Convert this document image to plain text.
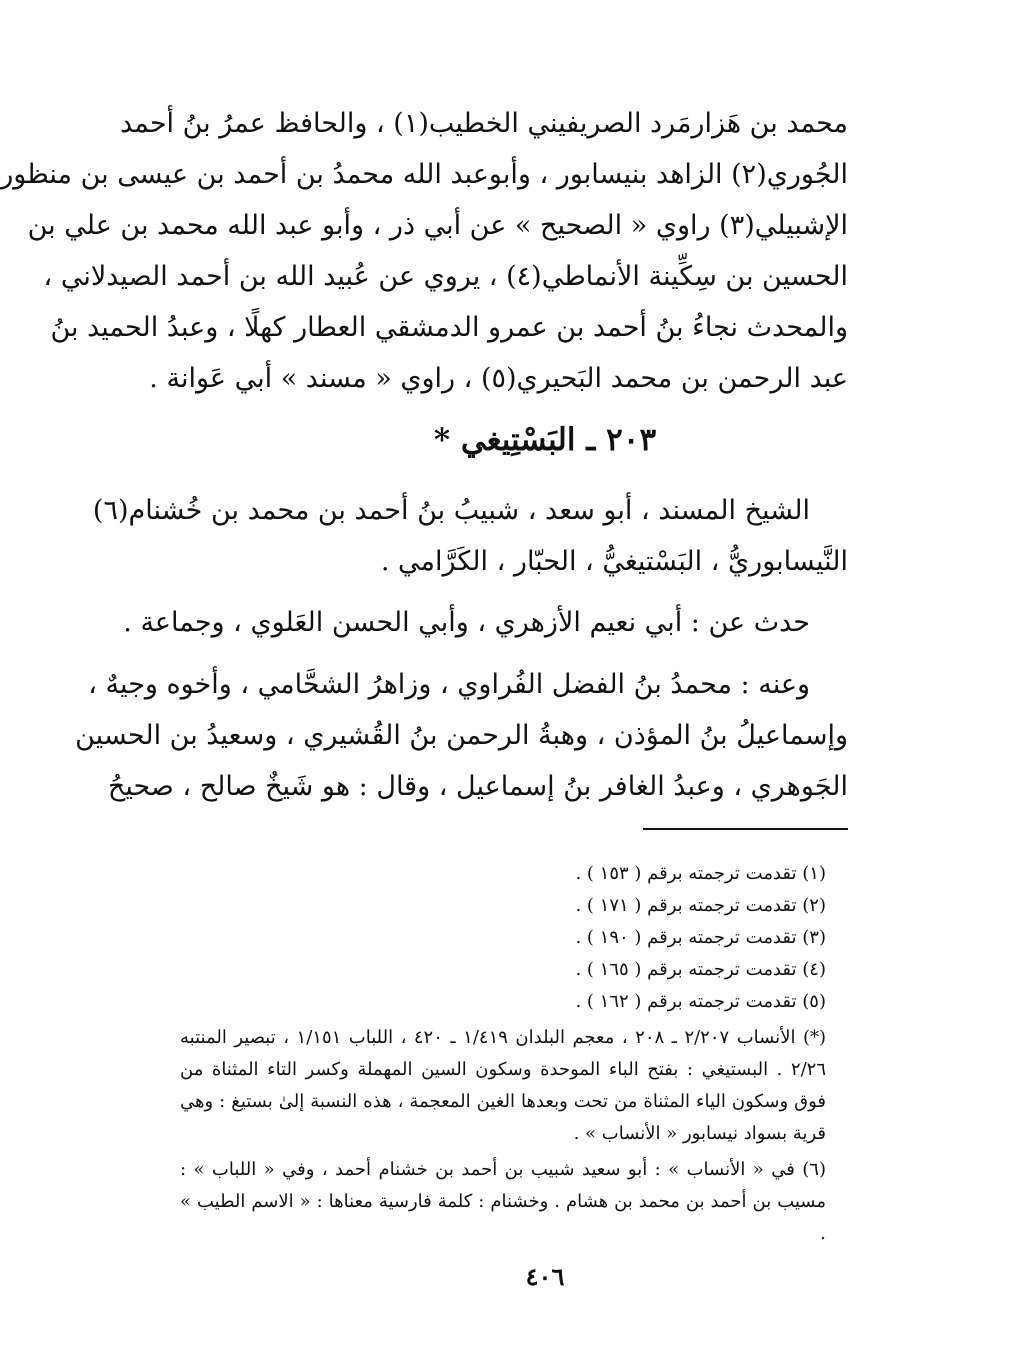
محمد بن هَزارمَرد الصريفيني الخطيب(١) ، والحافظ عمرُ بنُ أحمد
الجُوري(٢) الزاهد بنيسابور ، وأبوعبد الله محمدُ بن أحمد بن عيسى بن منظور
الإشبيلي(٣) راوي « الصحيح » عن أبي ذر ، وأبو عبد الله محمد بن علي بن
الحسين بن سِكِّينة الأنماطي(٤) ، يروي عن عُبيد الله بن أحمد الصيدلاني ،
والمحدث نجاءُ بنُ أحمد بن عمرو الدمشقي العطار كهلًا ، وعبدُ الحميد بنُ
عبد الرحمن بن محمد البَحيري(٥) ، راوي « مسند » أبي عَوانة .
٢٠٣ ـ البَسْتِيغي *
الشيخ المسند ، أبو سعد ، شبيبُ بنُ أحمد بن محمد بن خُشنام(٦)
النَّيسابوريُّ ، البَسْتيغيُّ ، الحبّار ، الكَرَّامي .
حدث عن : أبي نعيم الأزهري ، وأبي الحسن العَلوي ، وجماعة .
وعنه : محمدُ بنُ الفضل الفُراوي ، وزاهرُ الشحَّامي ، وأخوه وجيهٌ ،
وإسماعيلُ بنُ المؤذن ، وهبةُ الرحمن بنُ القُشيري ، وسعيدُ بن الحسين
الجَوهري ، وعبدُ الغافر بنُ إسماعيل ، وقال : هو شَيخٌ صالح ، صحيحُ
(١) تقدمت ترجمته برقم ( ١٥٣ ) .
(٢) تقدمت ترجمته برقم ( ١٧١ ) .
(٣) تقدمت ترجمته برقم ( ١٩٠ ) .
(٤) تقدمت ترجمته برقم ( ١٦٥ ) .
(٥) تقدمت ترجمته برقم ( ١٦٢ ) .
(*) الأنساب ٢/٢٠٧ ـ ٢٠٨ ، معجم البلدان ١/٤١٩ ـ ٤٢٠ ، اللباب ١/١٥١ ، تبصير المنتبه ٢/٢٦ . البستيغي : بفتح الباء الموحدة وسكون السين المهملة وكسر التاء المثناة من فوق وسكون الياء المثناة من تحت وبعدها الغين المعجمة ، هذه النسبة إلىٰ بستيغ : وهي قرية بسواد نيسابور « الأنساب » .
(٦) في « الأنساب » : أبو سعيد شبيب بن أحمد بن خشنام أحمد ، وفي « اللباب » : مسيب بن أحمد بن محمد بن هشام . وخشنام : كلمة فارسية معناها : « الاسم الطيب » .
٤٠٦
